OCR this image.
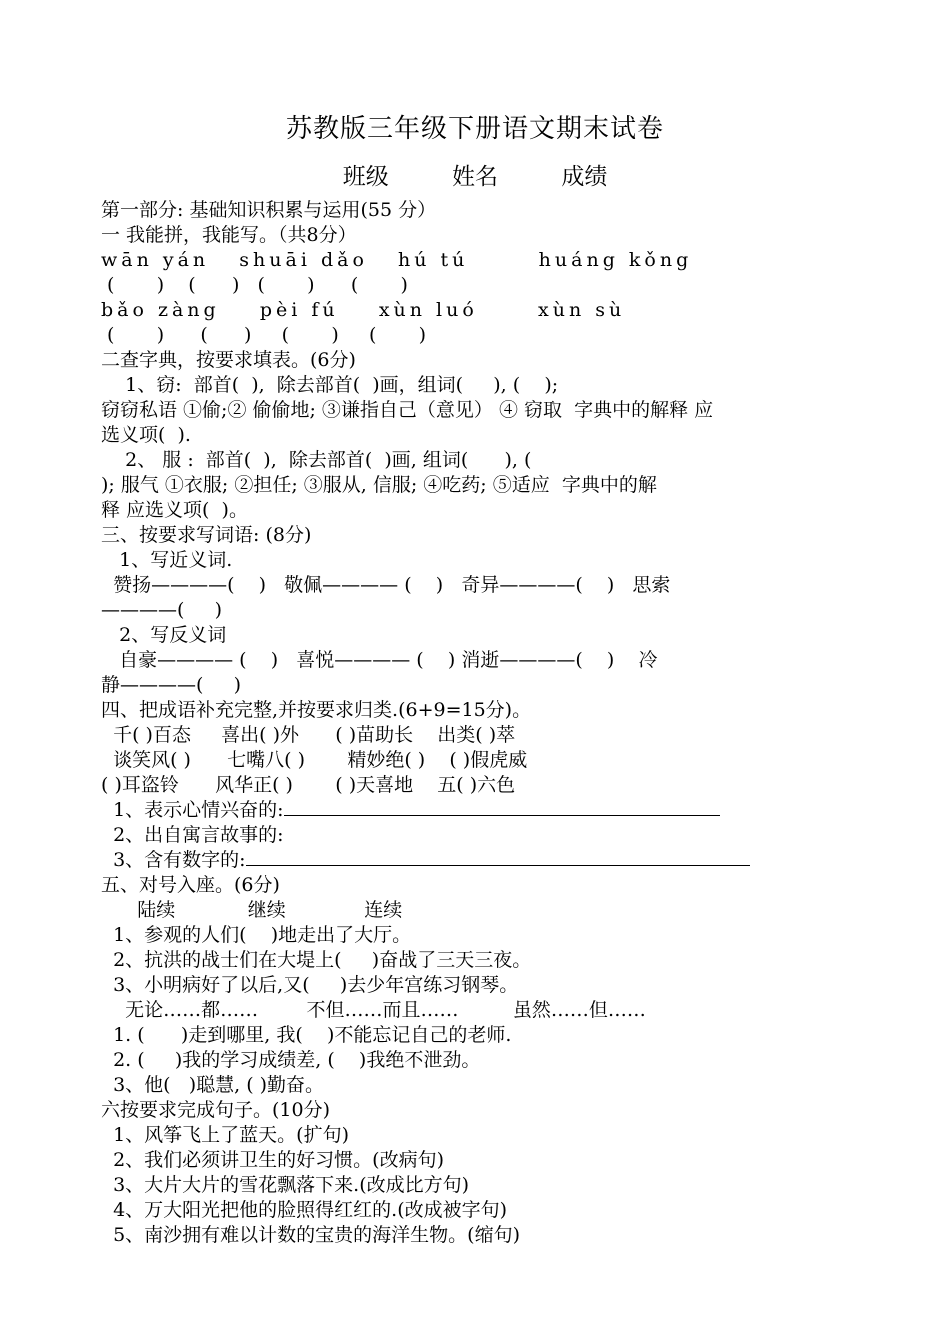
苏教版三年级下册语文期末试卷
班级	姓名	成绩
第一部分: 基础知识积累与运用(55 分）
一 我能拼，我能写。（共8分）
wān yán   shuāi dǎo   hú tú       huáng kǒng
(       )    (      )   (       )      (       )
bǎo zàng    pèi fú    xùn luó      xùn sù
(       )      (      )     (       )     (       )
二查字典，按要求填表。(6分)
1、窃:  部首(  ),  除去部首(  )画，组词(     ), (    );
窃窃私语 ①偷;② 偷偷地; ③谦指自己（意见） ④ 窃取  字典中的解释 应
选义项(  ).
2、 服 :  部首(  ),  除去部首(  )画, 组词(      ), (
); 服气 ①衣服; ②担任; ③服从, 信服; ④吃药; ⑤适应  字典中的解
释 应选义项(  )。
三、按要求写词语: (8分)
1、写近义词.
赞扬————(    )   敬佩———— (    )   奇异————(    )   思索
————(     )
2、写反义词
自豪———— (    )   喜悦———— (    ) 消逝————(    )    冷
静————(     )
四、把成语补充完整,并按要求归类.(6+9=15分)。
千( )百态     喜出( )外      ( )苗助长    出类( )萃
谈笑风( )      七嘴八( )       精妙绝( )    ( )假虎威
( )耳盗铃      风华正( )       ( )天喜地    五( )六色
1、表示心情兴奋的:
2、出自寓言故事的:
3、含有数字的:
五、对号入座。(6分)
陆续            继续             连续
1、参观的人们(    )地走出了大厅。
2、抗洪的战士们在大堤上(     )奋战了三天三夜。
3、小明病好了以后,又(     )去少年宫练习钢琴。
无论……都……        不但……而且……         虽然……但……
1. (      )走到哪里, 我(    )不能忘记自己的老师.
2. (     )我的学习成绩差, (    )我绝不泄劲。
3、他(   )聪慧, ( )勤奋。
六按要求完成句子。(10分)
1、风筝飞上了蓝天。(扩句)
2、我们必须讲卫生的好习惯。(改病句)
3、大片大片的雪花飘落下来.(改成比方句)
4、万大阳光把他的脸照得红红的.(改成被字句)
5、南沙拥有难以计数的宝贵的海洋生物。(缩句)
